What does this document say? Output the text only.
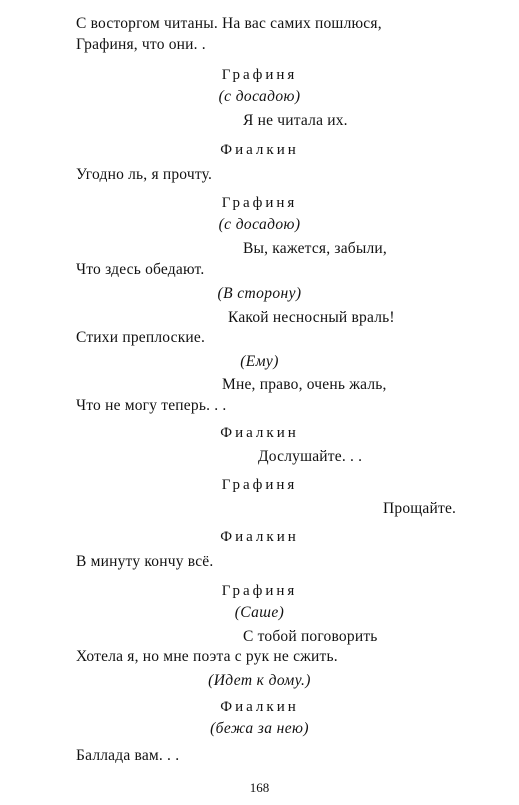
С восторгом читаны. На вас самих пошлюся,
Графиня, что они. .
Графиня
(с досадою)
Я не читала их.
Фиалкин
Угодно ль, я прочту.
Графиня
(с досадою)
Вы, кажется, забыли,
Что здесь обедают.
(В сторону)
Какой несносный враль!
Стихи преплоские.
(Ему)
Мне, право, очень жаль,
Что не могу теперь. . .
Фиалкин
Дослушайте. . .
Графиня
Прощайте.
Фиалкин
В минуту кончу всё.
Графиня
(Саше)
С тобой поговорить
Хотела я, но мне поэта с рук не сжить.
(Идет к дому.)
Фиалкин
(бежа за нею)
Баллада вам. . .
168
